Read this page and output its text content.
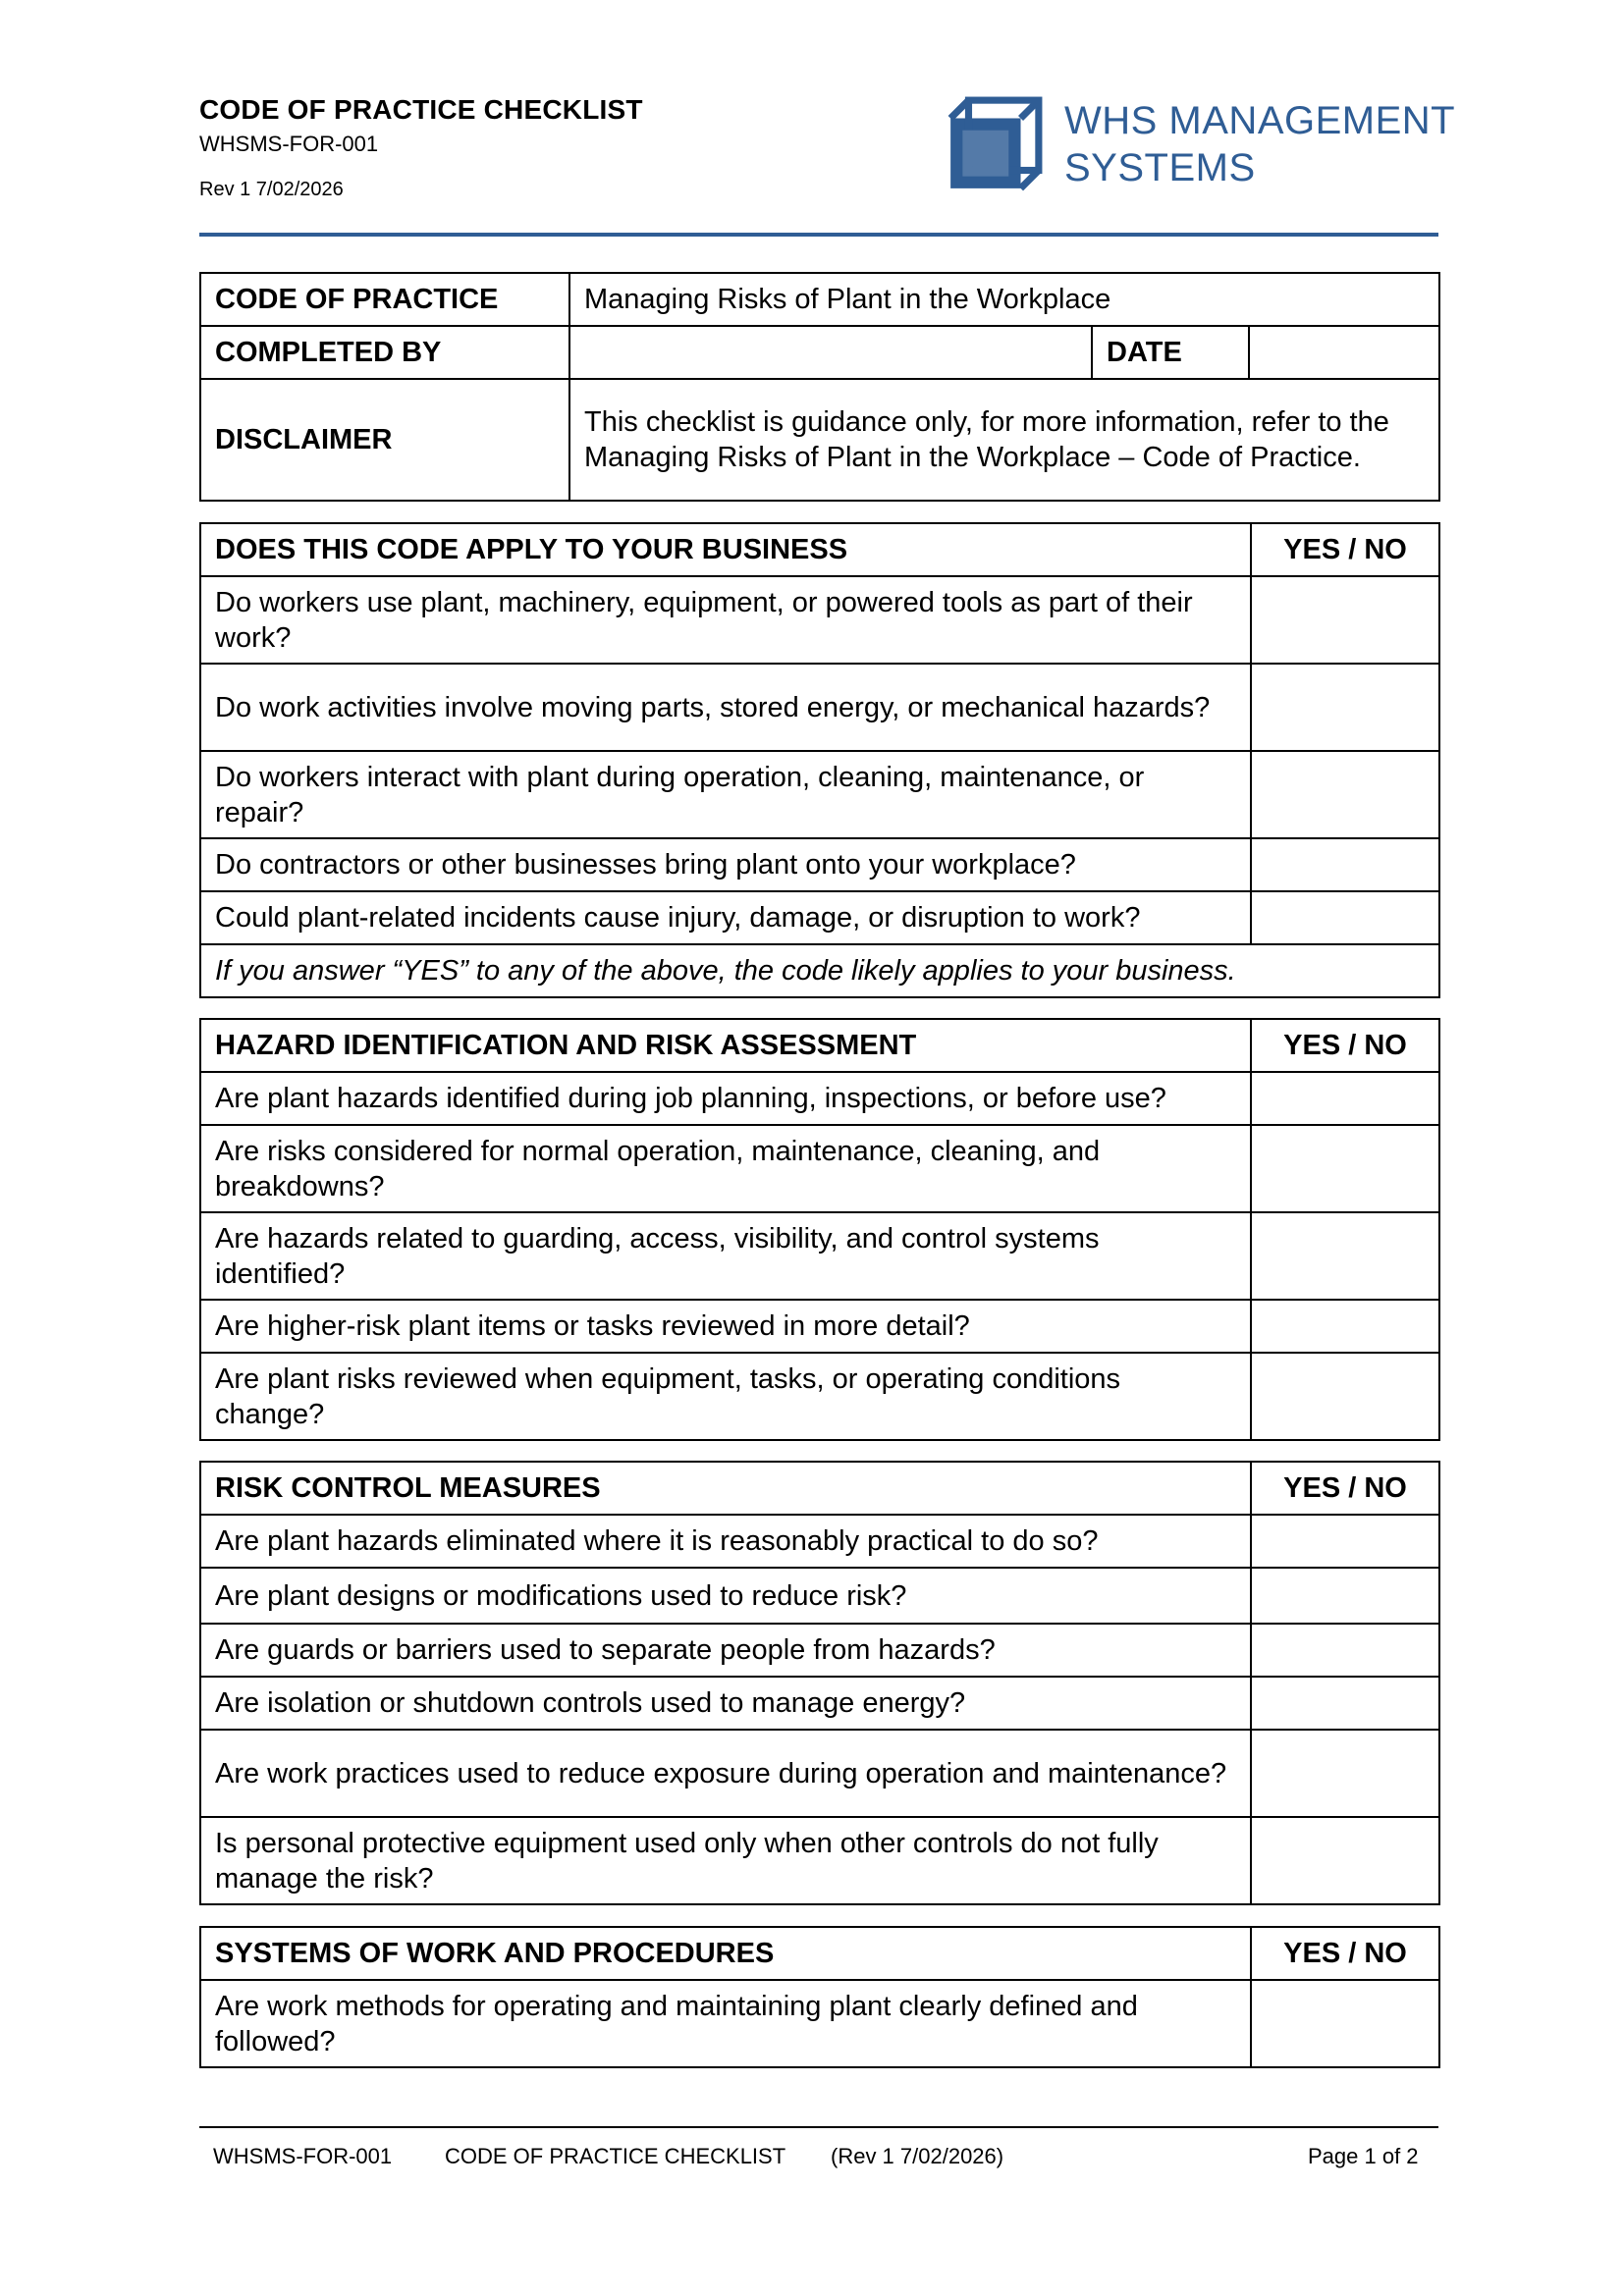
CODE OF PRACTICE CHECKLIST
WHSMS-FOR-001
Rev 1 7/02/2026
WHS MANAGEMENT
SYSTEMS
CODE OF PRACTICE	Managing Risks of Plant in the Workplace		
COMPLETED BY		DATE	
DISCLAIMER	This checklist is guidance only, for more information, refer to the Managing Risks of Plant in the Workplace – Code of Practice.		
DOES THIS CODE APPLY TO YOUR BUSINESS	YES / NO
Do workers use plant, machinery, equipment, or powered tools as part of their work?	
Do work activities involve moving parts, stored energy, or mechanical hazards?	
Do workers interact with plant during operation, cleaning, maintenance, or repair?	
Do contractors or other businesses bring plant onto your workplace?	
Could plant-related incidents cause injury, damage, or disruption to work?	
If you answer “YES” to any of the above, the code likely applies to your business.	
HAZARD IDENTIFICATION AND RISK ASSESSMENT	YES / NO
Are plant hazards identified during job planning, inspections, or before use?	
Are risks considered for normal operation, maintenance, cleaning, and breakdowns?	
Are hazards related to guarding, access, visibility, and control systems identified?	
Are higher-risk plant items or tasks reviewed in more detail?	
Are plant risks reviewed when equipment, tasks, or operating conditions change?	
RISK CONTROL MEASURES	YES / NO
Are plant hazards eliminated where it is reasonably practical to do so?	
Are plant designs or modifications used to reduce risk?	
Are guards or barriers used to separate people from hazards?	
Are isolation or shutdown controls used to manage energy?	
Are work practices used to reduce exposure during operation and maintenance?	
Is personal protective equipment used only when other controls do not fully manage the risk?	
SYSTEMS OF WORK AND PROCEDURES	YES / NO
Are work methods for operating and maintaining plant clearly defined and followed?	
WHSMS-FOR-001 CODE OF PRACTICE CHECKLIST (Rev 1 7/02/2026)	Page 1 of 2
